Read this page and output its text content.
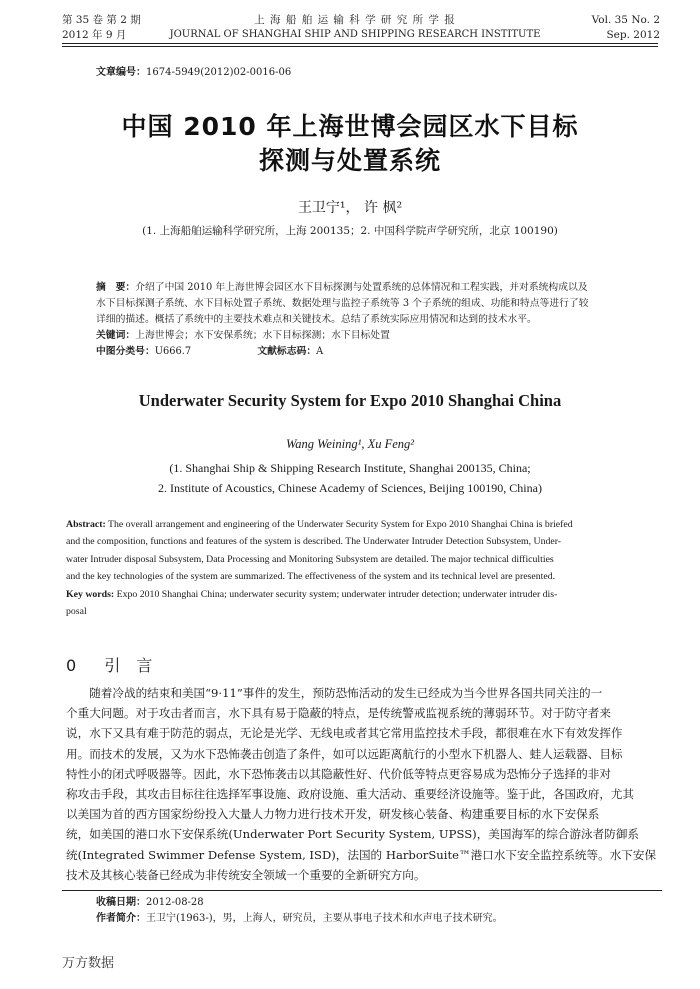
第 35 卷 第 2 期
2012 年 9 月
上 海 船 舶 运 输 科 学 研 究 所 学 报
JOURNAL OF SHANGHAI SHIP AND SHIPPING RESEARCH INSTITUTE
Vol. 35 No. 2
Sep. 2012
文章编号：1674-5949(2012)02-0016-06
中国 2010 年上海世博会园区水下目标
探测与处置系统
王卫宁¹， 许 枫²
(1. 上海船舶运输科学研究所，上海 200135；2. 中国科学院声学研究所，北京 100190)
摘　要：介绍了中国 2010 年上海世博会园区水下目标探测与处置系统的总体情况和工程实践，并对系统构成以及
水下目标探测子系统、水下目标处置子系统、数据处理与监控子系统等 3 个子系统的组成、功能和特点等进行了较
详细的描述。概括了系统中的主要技术难点和关键技术。总结了系统实际应用情况和达到的技术水平。
关键词：上海世博会；水下安保系统；水下目标探测；水下目标处置
中图分类号：U666.7	文献标志码：A
Underwater Security System for Expo 2010 Shanghai China
Wang Weining¹, Xu Feng²
(1. Shanghai Ship & Shipping Research Institute, Shanghai 200135, China;
2. Institute of Acoustics, Chinese Academy of Sciences, Beijing 100190, China)
Abstract: The overall arrangement and engineering of the Underwater Security System for Expo 2010 Shanghai China is briefed
and the composition, functions and features of the system is described. The Underwater Intruder Detection Subsystem, Under-
water Intruder disposal Subsystem, Data Processing and Monitoring Subsystem are detailed. The major technical difficulties
and the key technologies of the system are summarized. The effectiveness of the system and its technical level are presented.
Key words: Expo 2010 Shanghai China; underwater security system; underwater intruder detection; underwater intruder dis-
posal
0 引　言
　　随着冷战的结束和美国“9·11”事件的发生，预防恐怖活动的发生已经成为当今世界各国共同关注的一
个重大问题。对于攻击者而言，水下具有易于隐蔽的特点，是传统警戒监视系统的薄弱环节。对于防守者来
说，水下又具有难于防范的弱点，无论是光学、无线电或者其它常用监控技术手段，都很难在水下有效发挥作
用。而技术的发展，又为水下恐怖袭击创造了条件，如可以远距离航行的小型水下机器人、蛙人运载器、目标
特性小的闭式呼吸器等。因此，水下恐怖袭击以其隐蔽性好、代价低等特点更容易成为恐怖分子选择的非对
称攻击手段，其攻击目标往往选择军事设施、政府设施、重大活动、重要经济设施等。鉴于此，各国政府，尤其
以美国为首的西方国家纷纷投入大量人力物力进行技术开发，研发核心装备、构建重要目标的水下安保系
统，如美国的港口水下安保系统(Underwater Port Security System, UPSS)，美国海军的综合游泳者防御系
统(Integrated Swimmer Defense System, ISD)，法国的 HarborSuite™港口水下安全监控系统等。水下安保
技术及其核心装备已经成为非传统安全领域一个重要的全新研究方向。
收稿日期：2012-08-28
作者简介：王卫宁(1963-)，男，上海人，研究员，主要从事电子技术和水声电子技术研究。
万方数据
